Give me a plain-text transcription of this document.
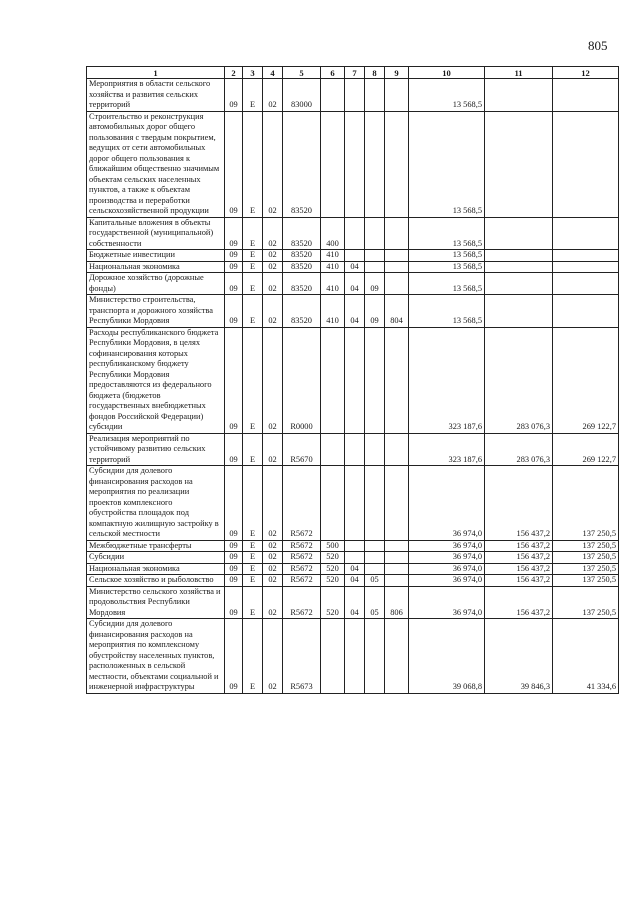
805
1	2	3	4	5	6	7	8	9	10	11	12
Мероприятия в области сельского хозяйства и развития сельских территорий	09	Е	02	83000					13 568,5		
Строительство и реконструкция автомобильных дорог общего пользования с твердым покрытием, ведущих от сети автомобильных дорог общего пользования к ближайшим общественно значимым объектам сельских населенных пунктов, а также к объектам производства и переработки сельскохозяйственной продукции	09	Е	02	83520					13 568,5		
Капитальные вложения в объекты государственной (муниципальной) собственности	09	Е	02	83520	400				13 568,5		
Бюджетные инвестиции	09	Е	02	83520	410				13 568,5		
Национальная экономика	09	Е	02	83520	410	04			13 568,5		
Дорожное хозяйство (дорожные фонды)	09	Е	02	83520	410	04	09		13 568,5		
Министерство строительства, транспорта и дорожного хозяйства Республики Мордовия	09	Е	02	83520	410	04	09	804	13 568,5		
Расходы республиканского бюджета Республики Мордовия, в целях софинансирования которых республиканскому бюджету Республики Мордовия предоставляются из федерального бюджета (бюджетов государственных внебюджетных фондов Российской Федерации) субсидии	09	Е	02	R0000					323 187,6	283 076,3	269 122,7
Реализация мероприятий по устойчивому развитию сельских территорий	09	Е	02	R5670					323 187,6	283 076,3	269 122,7
Субсидии для долевого финансирования расходов на мероприятия по реализации проектов комплексного обустройства площадок под компактную жилищную застройку в сельской местности	09	Е	02	R5672					36 974,0	156 437,2	137 250,5
Межбюджетные трансферты	09	Е	02	R5672	500				36 974,0	156 437,2	137 250,5
Субсидии	09	Е	02	R5672	520				36 974,0	156 437,2	137 250,5
Национальная экономика	09	Е	02	R5672	520	04			36 974,0	156 437,2	137 250,5
Сельское хозяйство и рыболовство	09	Е	02	R5672	520	04	05		36 974,0	156 437,2	137 250,5
Министерство сельского хозяйства и продовольствия Республики Мордовия	09	Е	02	R5672	520	04	05	806	36 974,0	156 437,2	137 250,5
Субсидии для долевого финансирования расходов на мероприятия по комплексному обустройству населенных пунктов, расположенных в сельской местности, объектами социальной и инженерной инфраструктуры	09	Е	02	R5673					39 068,8	39 846,3	41 334,6
